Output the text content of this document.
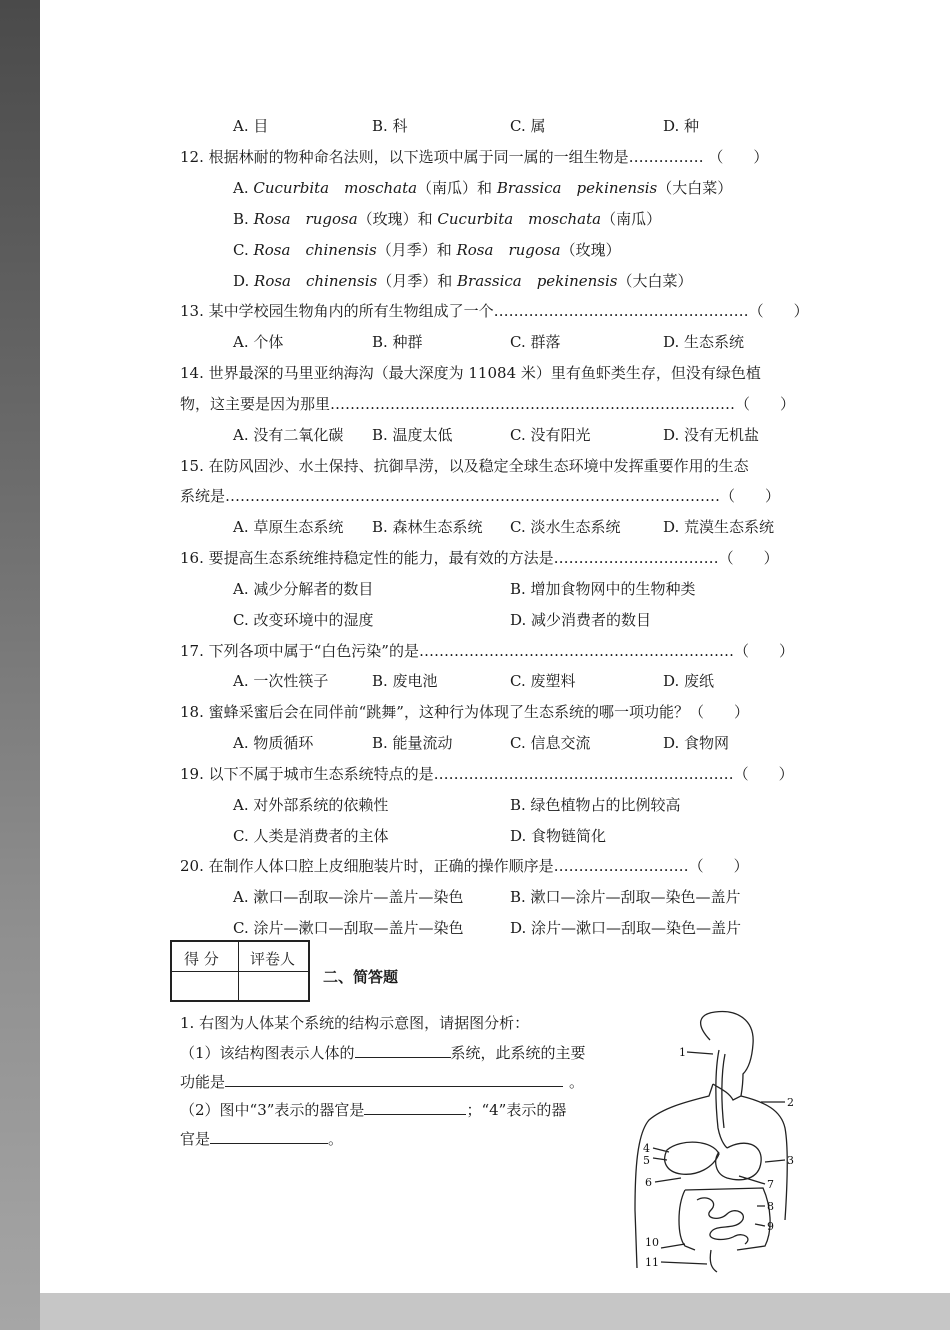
A. 目	B. 科	C. 属	D. 种
12. 根据林耐的物种命名法则，以下选项中属于同一属的一组生物是…………… （　　）
A. Cucurbita　moschata（南瓜）和 Brassica　pekinensis（大白菜）
B. Rosa　rugosa（玫瑰）和 Cucurbita　moschata（南瓜）
C. Rosa　chinensis（月季）和 Rosa　rugosa（玫瑰）
D. Rosa　chinensis（月季）和 Brassica　pekinensis（大白菜）
13. 某中学校园生物角内的所有生物组成了一个……………………………………………（　　）
A. 个体	B. 种群	C. 群落	D. 生态系统
14. 世界最深的马里亚纳海沟（最大深度为 11084 米）里有鱼虾类生存，但没有绿色植
物，这主要是因为那里………………………………………………………………………（　　）
A. 没有二氧化碳 B. 温度太低	C. 没有阳光	D. 没有无机盐
15. 在防风固沙、水土保持、抗御旱涝，以及稳定全球生态环境中发挥重要作用的生态
系统是………………………………………………………………………………………（　　）
A. 草原生态系统 B. 森林生态系统 C. 淡水生态系统	D. 荒漠生态系统
16. 要提高生态系统维持稳定性的能力，最有效的方法是……………………………（　　）
A. 减少分解者的数目	B. 增加食物网中的生物种类
C. 改变环境中的湿度	D. 减少消费者的数目
17. 下列各项中属于“白色污染”的是………………………………………………………（　　）
A. 一次性筷子	B. 废电池	C. 废塑料	D. 废纸
18. 蜜蜂采蜜后会在同伴前“跳舞”，这种行为体现了生态系统的哪一项功能？（　　）
A. 物质循环	B. 能量流动	C. 信息交流	D. 食物网
19. 以下不属于城市生态系统特点的是……………………………………………………（　　）
A. 对外部系统的依赖性	B. 绿色植物占的比例较高
C. 人类是消费者的主体	D. 食物链简化
20. 在制作人体口腔上皮细胞装片时，正确的操作顺序是………………………（　　）
A. 漱口—刮取—涂片—盖片—染色	B. 漱口—涂片—刮取—染色—盖片
C. 涂片—漱口—刮取—盖片—染色	D. 涂片—漱口—刮取—染色—盖片
得 分 评卷人
二、简答题
1. 右图为人体某个系统的结构示意图，请据图分析：
（1）该结构图表示人体的	系统，此系统的主要
功能是	。
（2）图中“3”表示的器官是	；“4”表示的器
官是	。
1
2
3
4
5
6	7
8
9
10
11
